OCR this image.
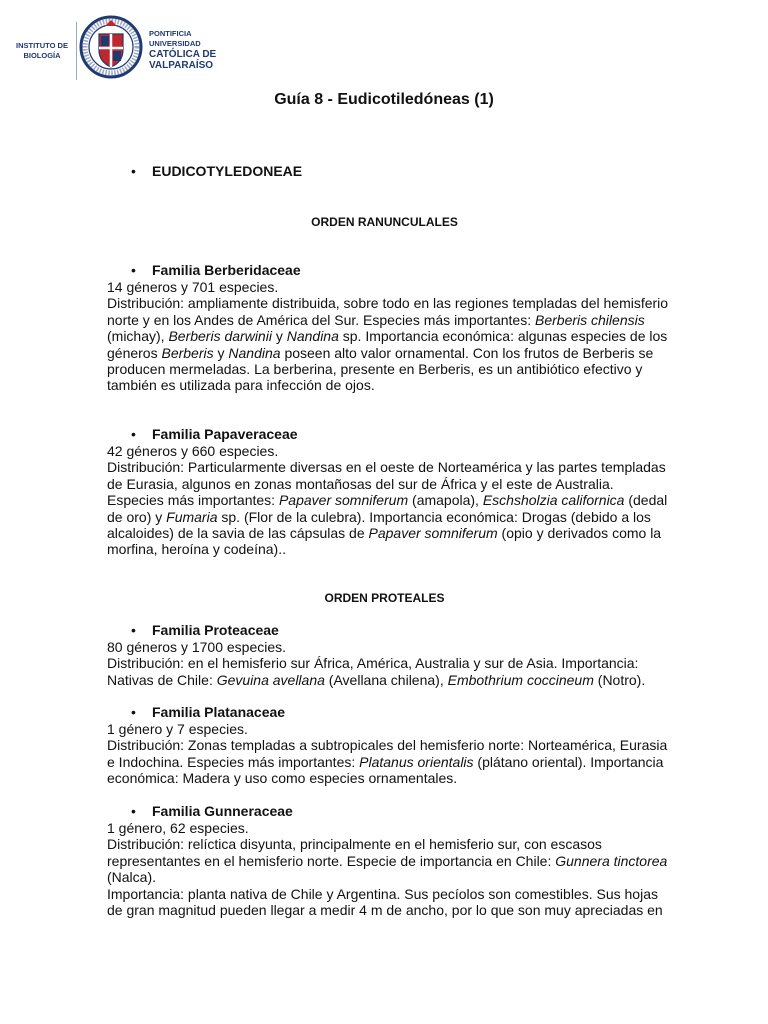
INSTITUTO DE
BIOLOGÍA
PONTIFICIA
UNIVERSIDAD
CATÓLICA DE
VALPARAÍSO
Guía 8 - Eudicotiledóneas (1)
• EUDICOTYLEDONEAE
ORDEN RANUNCULALES
• Familia Berberidaceae

14 géneros y 701 especies.

Distribución: ampliamente distribuida, sobre todo en las regiones templadas del hemisferio

norte y en los Andes de América del Sur. Especies más importantes: Berberis chilensis

(michay), Berberis darwinii y Nandina sp. Importancia económica: algunas especies de los

géneros Berberis y Nandina poseen alto valor ornamental. Con los frutos de Berberis se

producen mermeladas. La berberina, presente en Berberis, es un antibiótico efectivo y

también es utilizada para infección de ojos.

• Familia Papaveraceae

42 géneros y 660 especies.

Distribución: Particularmente diversas en el oeste de Norteamérica y las partes templadas

de Eurasia, algunos en zonas montañosas del sur de África y el este de Australia.

Especies más importantes: Papaver somniferum (amapola), Eschsholzia californica (dedal

de oro) y Fumaria sp. (Flor de la culebra). Importancia económica: Drogas (debido a los

alcaloides) de la savia de las cápsulas de Papaver somniferum (opio y derivados como la

morfina, heroína y codeína)..

ORDEN PROTEALES
• Familia Proteaceae

80 géneros y 1700 especies.

Distribución: en el hemisferio sur África, América, Australia y sur de Asia. Importancia:

Nativas de Chile: Gevuina avellana (Avellana chilena), Embothrium coccineum (Notro).

• Familia Platanaceae

1 género y 7 especies.

Distribución: Zonas templadas a subtropicales del hemisferio norte: Norteamérica, Eurasia

e Indochina. Especies más importantes: Platanus orientalis (plátano oriental). Importancia

económica: Madera y uso como especies ornamentales.

• Familia Gunneraceae

1 género, 62 especies.

Distribución: relíctica disyunta, principalmente en el hemisferio sur, con escasos

representantes en el hemisferio norte. Especie de importancia en Chile: Gunnera tinctorea

(Nalca).

Importancia: planta nativa de Chile y Argentina. Sus pecíolos son comestibles. Sus hojas

de gran magnitud pueden llegar a medir 4 m de ancho, por lo que son muy apreciadas en
